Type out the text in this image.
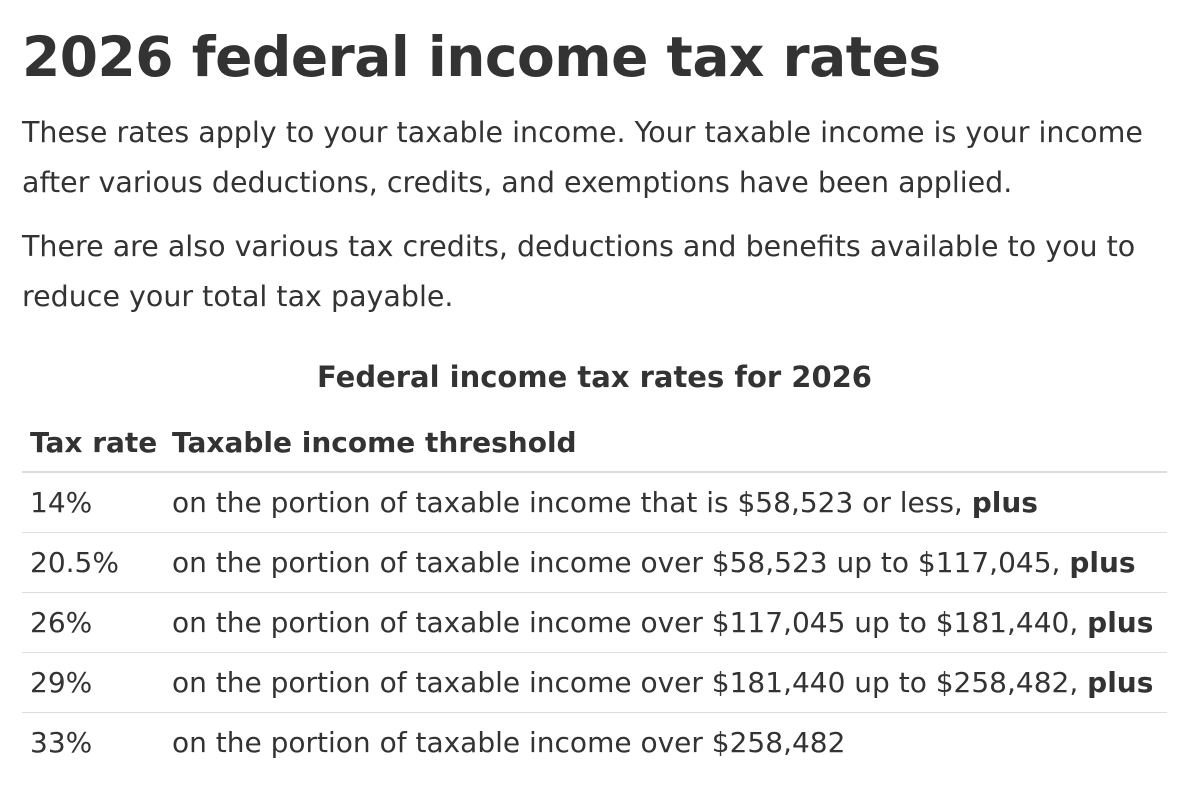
2026 federal income tax rates

These rates apply to your taxable income. Your taxable income is your income after various deductions, credits, and exemptions have been applied.

There are also various tax credits, deductions and benefits available to you to reduce your total tax payable.

Federal income tax rates for 2026
Tax rate	Taxable income threshold
14%	on the portion of taxable income that is $58,523 or less, plus
20.5%	on the portion of taxable income over $58,523 up to $117,045, plus
26%	on the portion of taxable income over $117,045 up to $181,440, plus
29%	on the portion of taxable income over $181,440 up to $258,482, plus
33%	on the portion of taxable income over $258,482
